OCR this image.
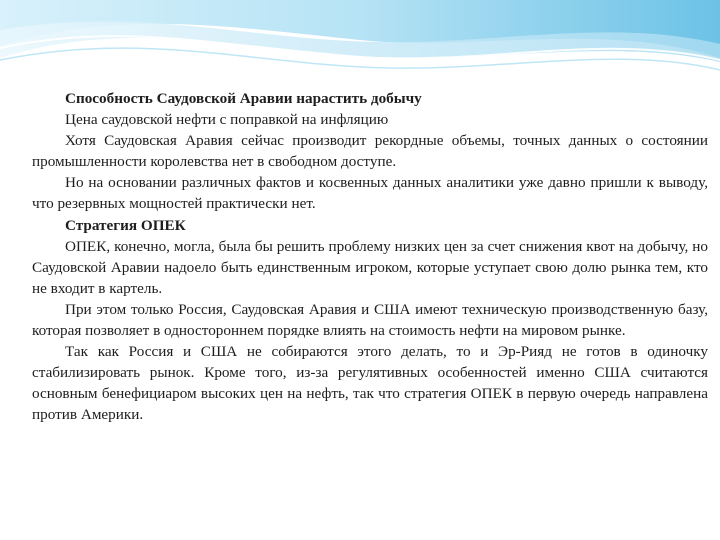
Способность Саудовской Аравии нарастить добычу

Цена саудовской нефти с поправкой на инфляцию

Хотя Саудовская Аравия сейчас производит рекордные объемы, точных данных о состоянии промышленности королевства нет в свободном доступе.

Но на основании различных фактов и косвенных данных аналитики уже давно пришли к выводу, что резервных мощностей практически нет.

Стратегия ОПЕК

ОПЕК, конечно, могла, была бы решить проблему низких цен за счет снижения квот на добычу, но Саудовской Аравии надоело быть единственным игроком, которые уступает свою долю рынка тем, кто не входит в картель.

При этом только Россия, Саудовская Аравия и США имеют техническую производственную базу, которая позволяет в одностороннем порядке влиять на стоимость нефти на мировом рынке.

Так как Россия и США не собираются этого делать, то и Эр-Рияд не готов в одиночку стабилизировать рынок. Кроме того, из-за регулятивных особенностей именно США считаются основным бенефициаром высоких цен на нефть, так что стратегия ОПЕК в первую очередь направлена против Америки.
